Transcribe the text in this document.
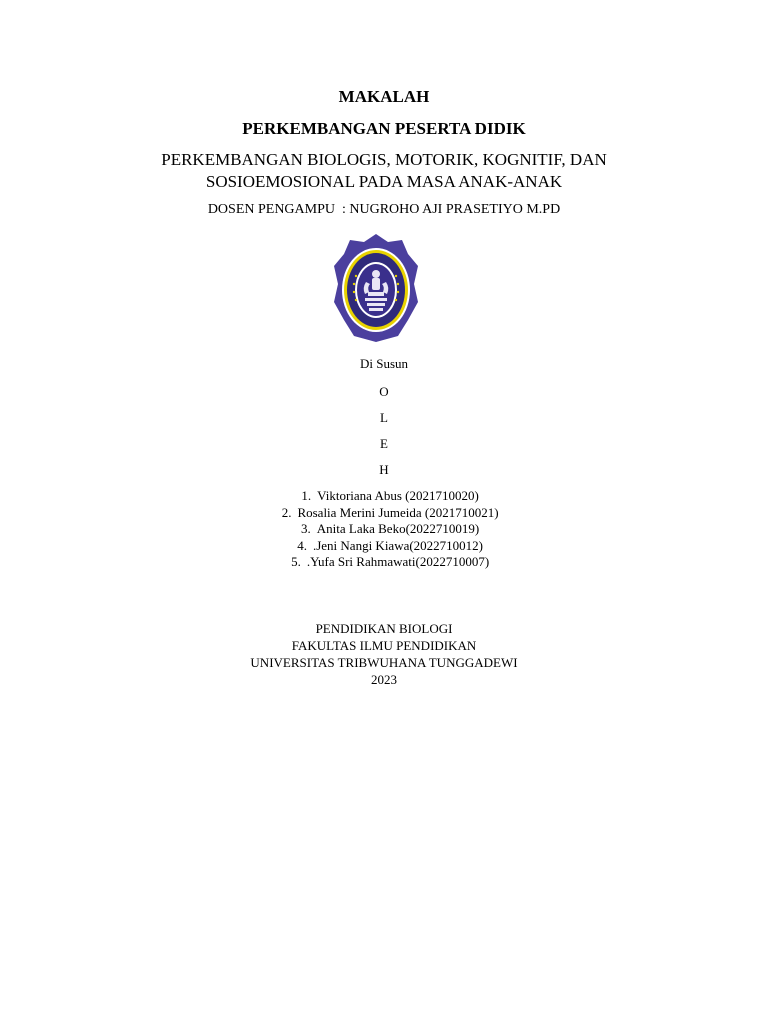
MAKALAH
PERKEMBANGAN PESERTA DIDIK
PERKEMBANGAN BIOLOGIS, MOTORIK, KOGNITIF, DAN
SOSIOEMOSIONAL PADA MASA ANAK-ANAK
DOSEN PENGAMPU  : NUGROHO AJI PRASETIYO M.PD
Di Susun
O
L
E
H
1. Viktoriana Abus (2021710020)
2. Rosalia Merini Jumeida (2021710021)
3. Anita Laka Beko(2022710019)
4. .Jeni Nangi Kiawa(2022710012)
5. .Yufa Sri Rahmawati(2022710007)
PENDIDIKAN BIOLOGI
FAKULTAS ILMU PENDIDIKAN
UNIVERSITAS TRIBWUHANA TUNGGADEWI
2023
